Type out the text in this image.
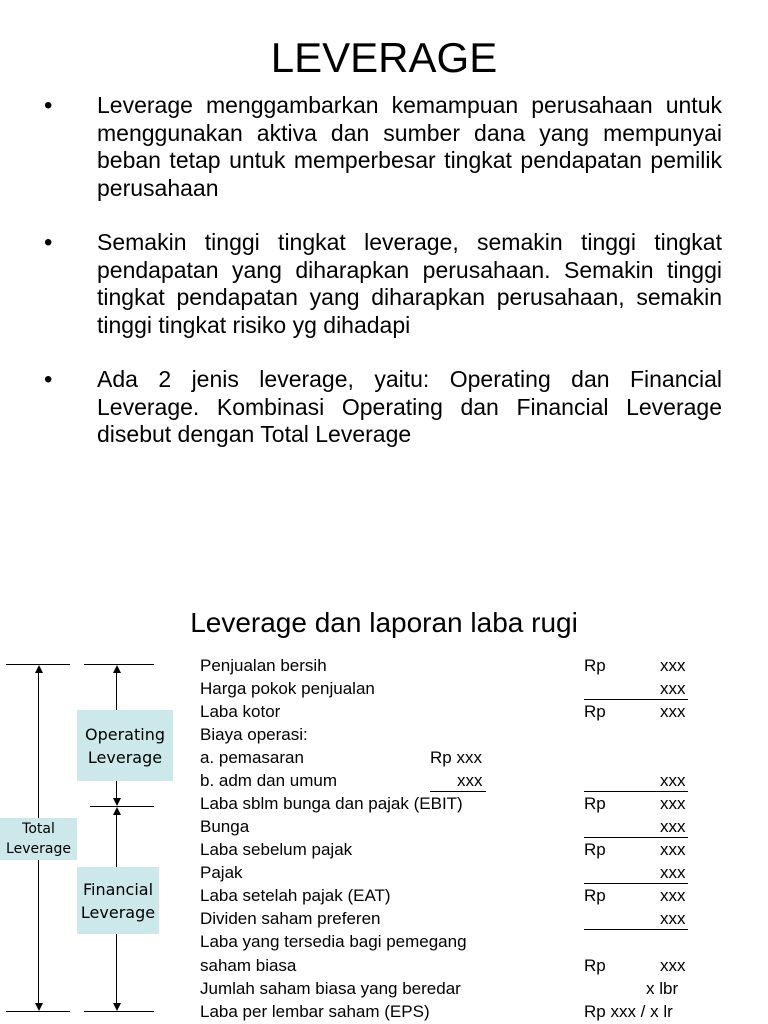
LEVERAGE
• Leverage menggambarkan kemampuan perusahaan untuk menggunakan aktiva dan sumber dana yang mempunyai beban tetap untuk memperbesar tingkat pendapatan pemilik perusahaan
• Semakin tinggi tingkat leverage, semakin tinggi tingkat pendapatan yang diharapkan perusahaan. Semakin tinggi tingkat pendapatan yang diharapkan perusahaan, semakin tinggi tingkat risiko yg dihadapi
• Ada 2 jenis leverage, yaitu: Operating dan Financial Leverage. Kombinasi Operating dan Financial Leverage disebut dengan Total Leverage
Leverage dan laporan laba rugi
Total
Leverage
Operating
Leverage
Financial
Leverage
Penjualan bersih	Rp	xxx
Harga pokok penjualan	xxx
Laba kotor	Rp	xxx
Biaya operasi:
a. pemasaran	Rp xxx
b. adm dan umum	xxx	xxx
Laba sblm bunga dan pajak (EBIT)	Rp	xxx
Bunga	xxx
Laba sebelum pajak	Rp	xxx
Pajak	xxx
Laba setelah pajak (EAT)	Rp	xxx
Dividen saham preferen	xxx
Laba yang tersedia bagi pemegang
saham biasa	Rp	xxx
Jumlah saham biasa yang beredar	x lbr
Laba per lembar saham (EPS)	Rp xxx / x lr
